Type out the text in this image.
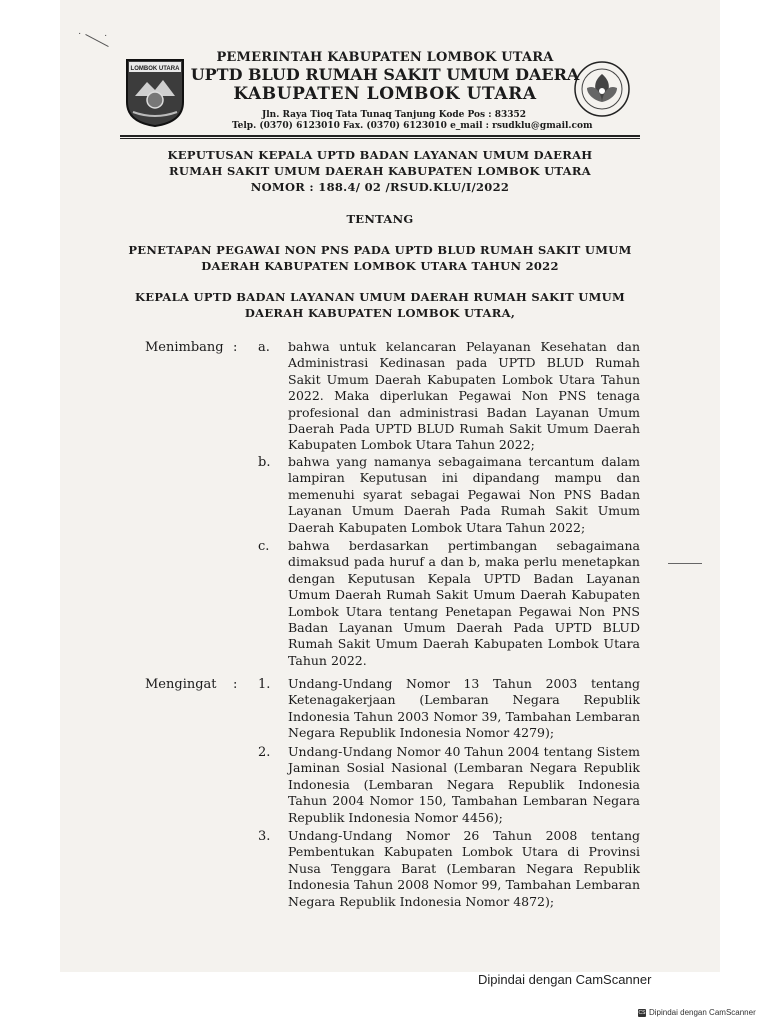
· ·
LOMBOK UTARA
PEMERINTAH KABUPATEN LOMBOK UTARA
UPTD BLUD RUMAH SAKIT UMUM DAERA
KABUPATEN LOMBOK UTARA
Jln. Raya Tioq Tata Tunaq Tanjung Kode Pos : 83352
Telp. (0370) 6123010 Fax. (0370) 6123010 e_mail : rsudklu@gmail.com
KEPUTUSAN KEPALA UPTD BADAN LAYANAN UMUM DAERAH
RUMAH SAKIT UMUM DAERAH KABUPATEN LOMBOK UTARA
NOMOR : 188.4/ 02 /RSUD.KLU/I/2022
TENTANG
PENETAPAN PEGAWAI NON PNS PADA UPTD BLUD RUMAH SAKIT UMUM
DAERAH KABUPATEN LOMBOK UTARA TAHUN 2022
KEPALA UPTD BADAN LAYANAN UMUM DAERAH RUMAH SAKIT UMUM
DAERAH KABUPATEN LOMBOK UTARA,
Menimbang : a. bahwa untuk kelancaran Pelayanan Kesehatan dan Administrasi Kedinasan pada UPTD BLUD Rumah Sakit Umum Daerah Kabupaten Lombok Utara Tahun 2022. Maka diperlukan Pegawai Non PNS tenaga profesional dan administrasi Badan Layanan Umum Daerah Pada UPTD BLUD Rumah Sakit Umum Daerah Kabupaten Lombok Utara Tahun 2022;
b. bahwa yang namanya sebagaimana tercantum dalam lampiran Keputusan ini dipandang mampu dan memenuhi syarat sebagai Pegawai Non PNS Badan Layanan Umum Daerah Pada Rumah Sakit Umum Daerah Kabupaten Lombok Utara Tahun 2022;
c. bahwa berdasarkan pertimbangan sebagaimana dimaksud pada huruf a dan b, maka perlu menetapkan dengan Keputusan Kepala UPTD Badan Layanan Umum Daerah Rumah Sakit Umum Daerah Kabupaten Lombok Utara tentang Penetapan Pegawai Non PNS Badan Layanan Umum Daerah Pada UPTD BLUD Rumah Sakit Umum Daerah Kabupaten Lombok Utara Tahun 2022.
Mengingat : 1. Undang-Undang Nomor 13 Tahun 2003 tentang Ketenagakerjaan (Lembaran Negara Republik Indonesia Tahun 2003 Nomor 39, Tambahan Lembaran Negara Republik Indonesia Nomor 4279);
2. Undang-Undang Nomor 40 Tahun 2004 tentang Sistem Jaminan Sosial Nasional (Lembaran Negara Republik Indonesia (Lembaran Negara Republik Indonesia Tahun 2004 Nomor 150, Tambahan Lembaran Negara Republik Indonesia Nomor 4456);
3. Undang-Undang Nomor 26 Tahun 2008 tentang Pembentukan Kabupaten Lombok Utara di Provinsi Nusa Tenggara Barat (Lembaran Negara Republik Indonesia Tahun 2008 Nomor 99, Tambahan Lembaran Negara Republik Indonesia Nomor 4872);
Dipindai dengan CamScanner
CS Dipindai dengan CamScanner
